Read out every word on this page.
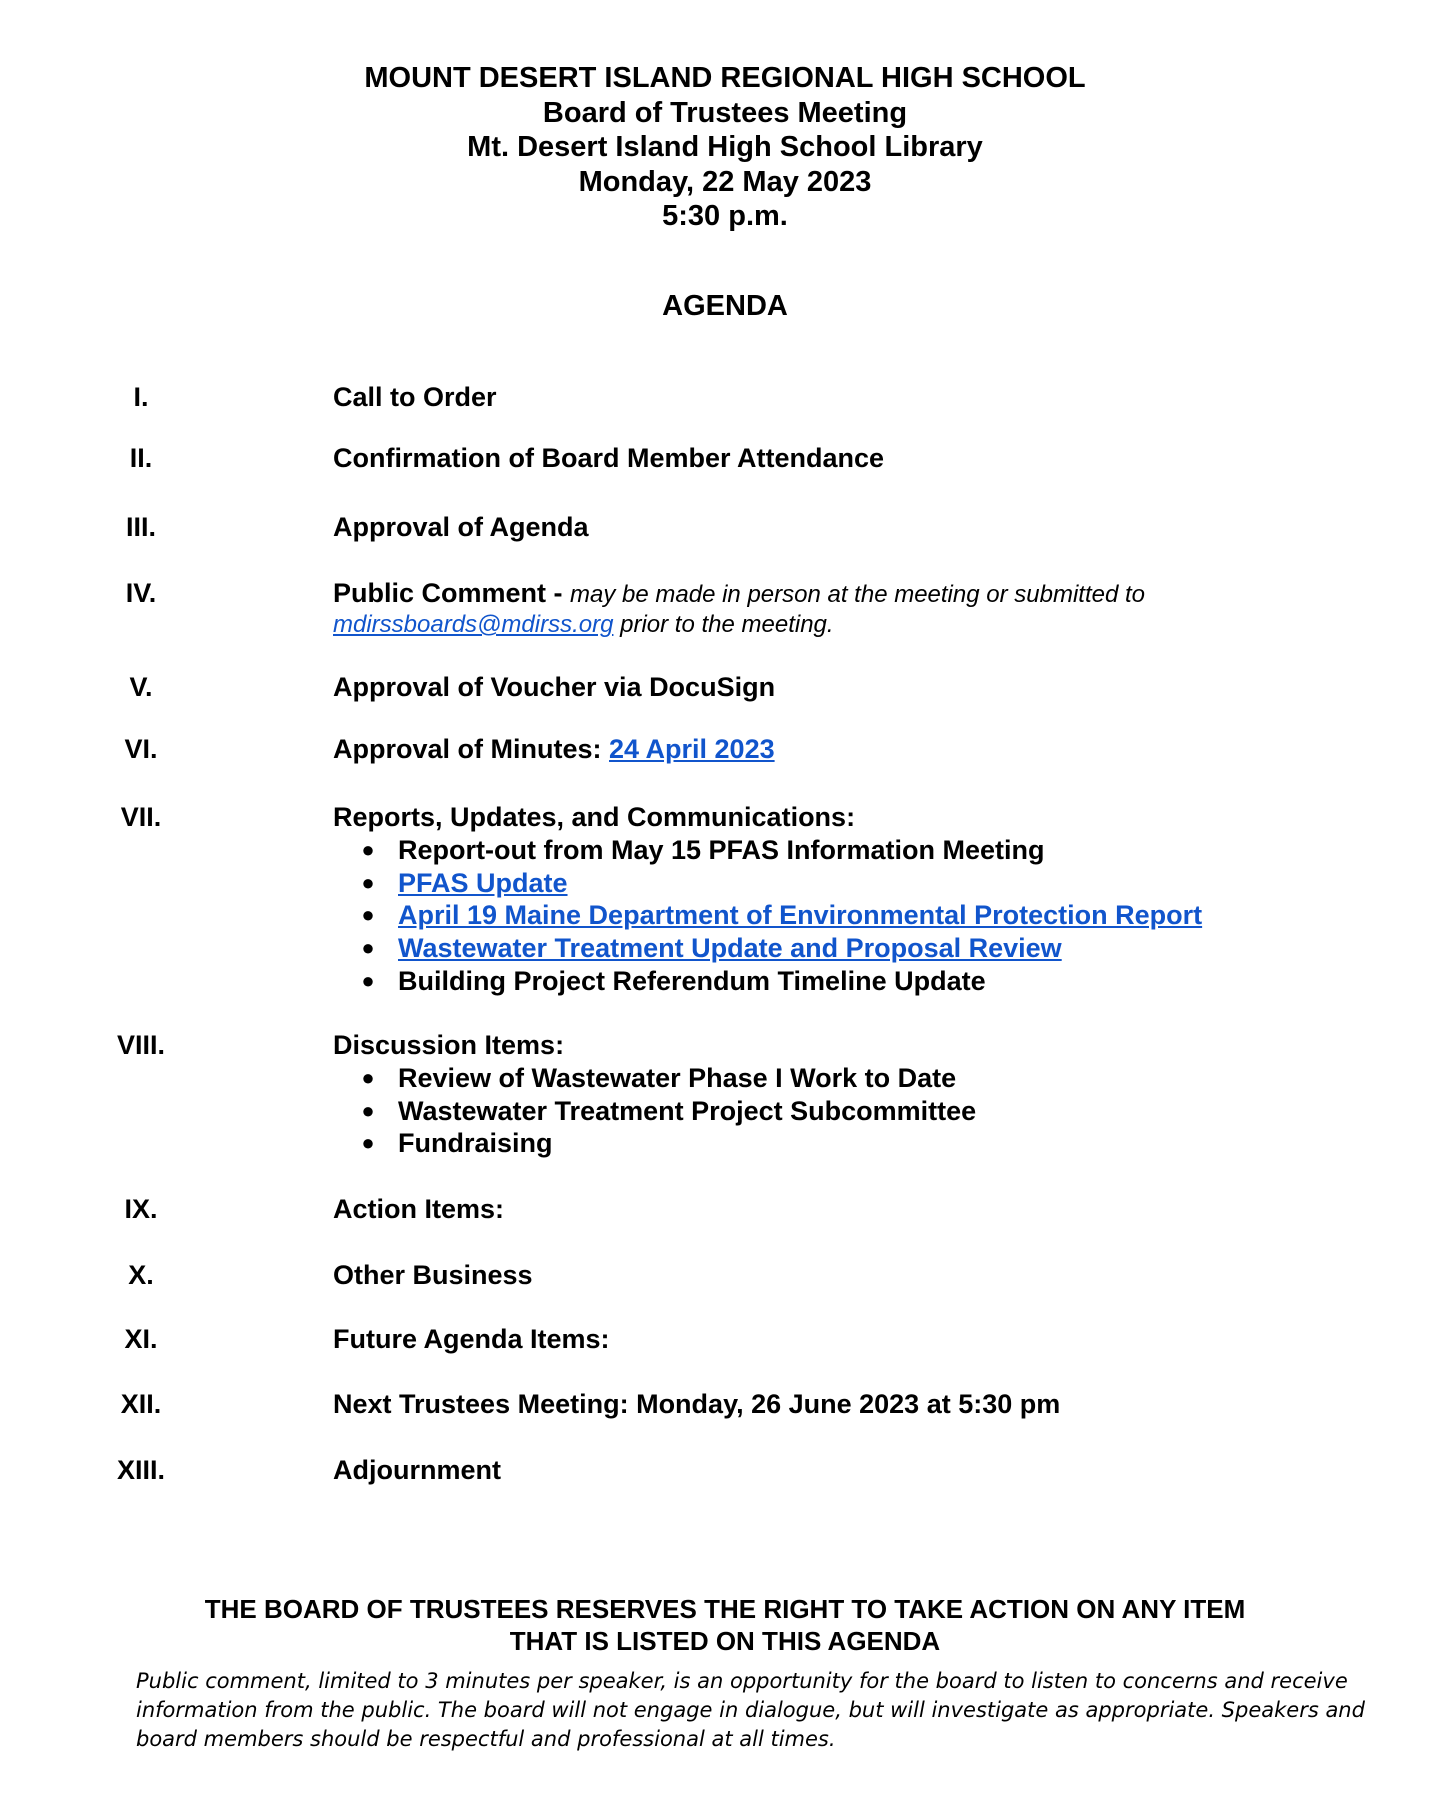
MOUNT DESERT ISLAND REGIONAL HIGH SCHOOL
Board of Trustees Meeting
Mt. Desert Island High School Library
Monday, 22 May 2023
5:30 p.m.
AGENDA
I.	Call to Order
II.	Confirmation of Board Member Attendance
III.	Approval of Agenda
IV.	Public Comment - may be made in person at the meeting or submitted to
mdirssboards@mdirss.org prior to the meeting.
V.	Approval of Voucher via DocuSign
VI.	Approval of Minutes: 24 April 2023
VII.	Reports, Updates, and Communications:
● Report-out from May 15 PFAS Information Meeting
● PFAS Update
● April 19 Maine Department of Environmental Protection Report
● Wastewater Treatment Update and Proposal Review
● Building Project Referendum Timeline Update
VIII.	Discussion Items:
● Review of Wastewater Phase I Work to Date
● Wastewater Treatment Project Subcommittee
● Fundraising
IX.	Action Items:
X.	Other Business
XI.	Future Agenda Items:
XII.	Next Trustees Meeting: Monday, 26 June 2023 at 5:30 pm
XIII.	Adjournment
THE BOARD OF TRUSTEES RESERVES THE RIGHT TO TAKE ACTION ON ANY ITEM
THAT IS LISTED ON THIS AGENDA
Public comment, limited to 3 minutes per speaker, is an opportunity for the board to listen to concerns and receive information from the public. The board will not engage in dialogue, but will investigate as appropriate. Speakers and board members should be respectful and professional at all times.
